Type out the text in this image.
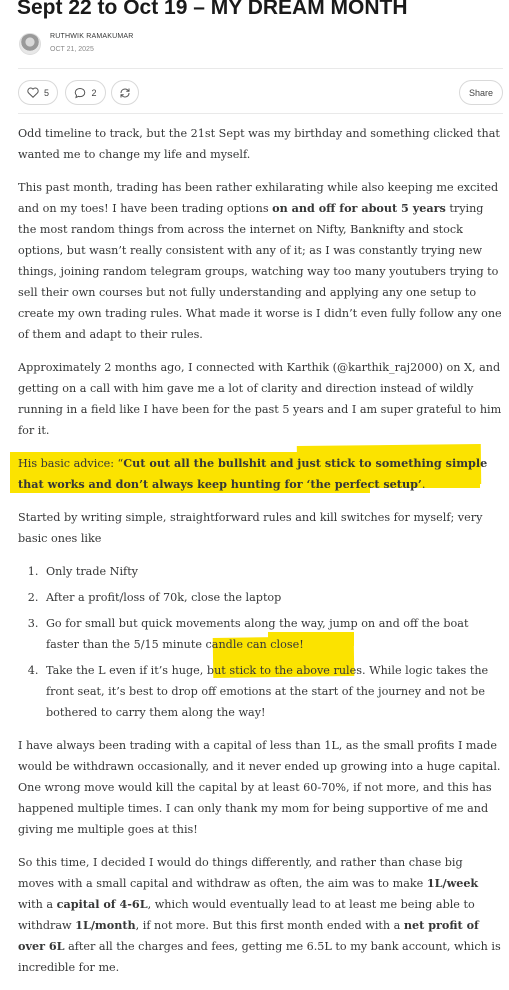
Sept 22 to Oct 19 – MY DREAM MONTH
RUTHWIK RAMAKUMAR
OCT 21, 2025
5	2	Share

Odd timeline to track, but the 21st Sept was my birthday and something clicked that wanted me to change my life and myself.

This past month, trading has been rather exhilarating while also keeping me excited and on my toes! I have been trading options on and off for about 5 years trying the most random things from across the internet on Nifty, Banknifty and stock options, but wasn’t really consistent with any of it; as I was constantly trying new things, joining random telegram groups, watching way too many youtubers trying to sell their own courses but not fully understanding and applying any one setup to create my own trading rules. What made it worse is I didn’t even fully follow any one of them and adapt to their rules.

Approximately 2 months ago, I connected with Karthik (@karthik_raj2000) on X, and getting on a call with him gave me a lot of clarity and direction instead of wildly running in a field like I have been for the past 5 years and I am super grateful to him for it.

His basic advice: “Cut out all the bullshit and just stick to something simple that works and don’t always keep hunting for ‘the perfect setup’.

Started by writing simple, straightforward rules and kill switches for myself; very basic ones like

1. Only trade Nifty
2. After a profit/loss of 70k, close the laptop
3. Go for small but quick movements along the way, jump on and off the boat faster than the 5/15 minute candle can close!
4. Take the L even if it’s huge, but stick to the above rules. While logic takes the front seat, it’s best to drop off emotions at the start of the journey and not be bothered to carry them along the way!

I have always been trading with a capital of less than 1L, as the small profits I made would be withdrawn occasionally, and it never ended up growing into a huge capital. One wrong move would kill the capital by at least 60-70%, if not more, and this has happened multiple times. I can only thank my mom for being supportive of me and giving me multiple goes at this!

So this time, I decided I would do things differently, and rather than chase big moves with a small capital and withdraw as often, the aim was to make 1L/week with a capital of 4-6L, which would eventually lead to at least me being able to withdraw 1L/month, if not more. But this first month ended with a net profit of over 6L after all the charges and fees, getting me 6.5L to my bank account, which is incredible for me.
